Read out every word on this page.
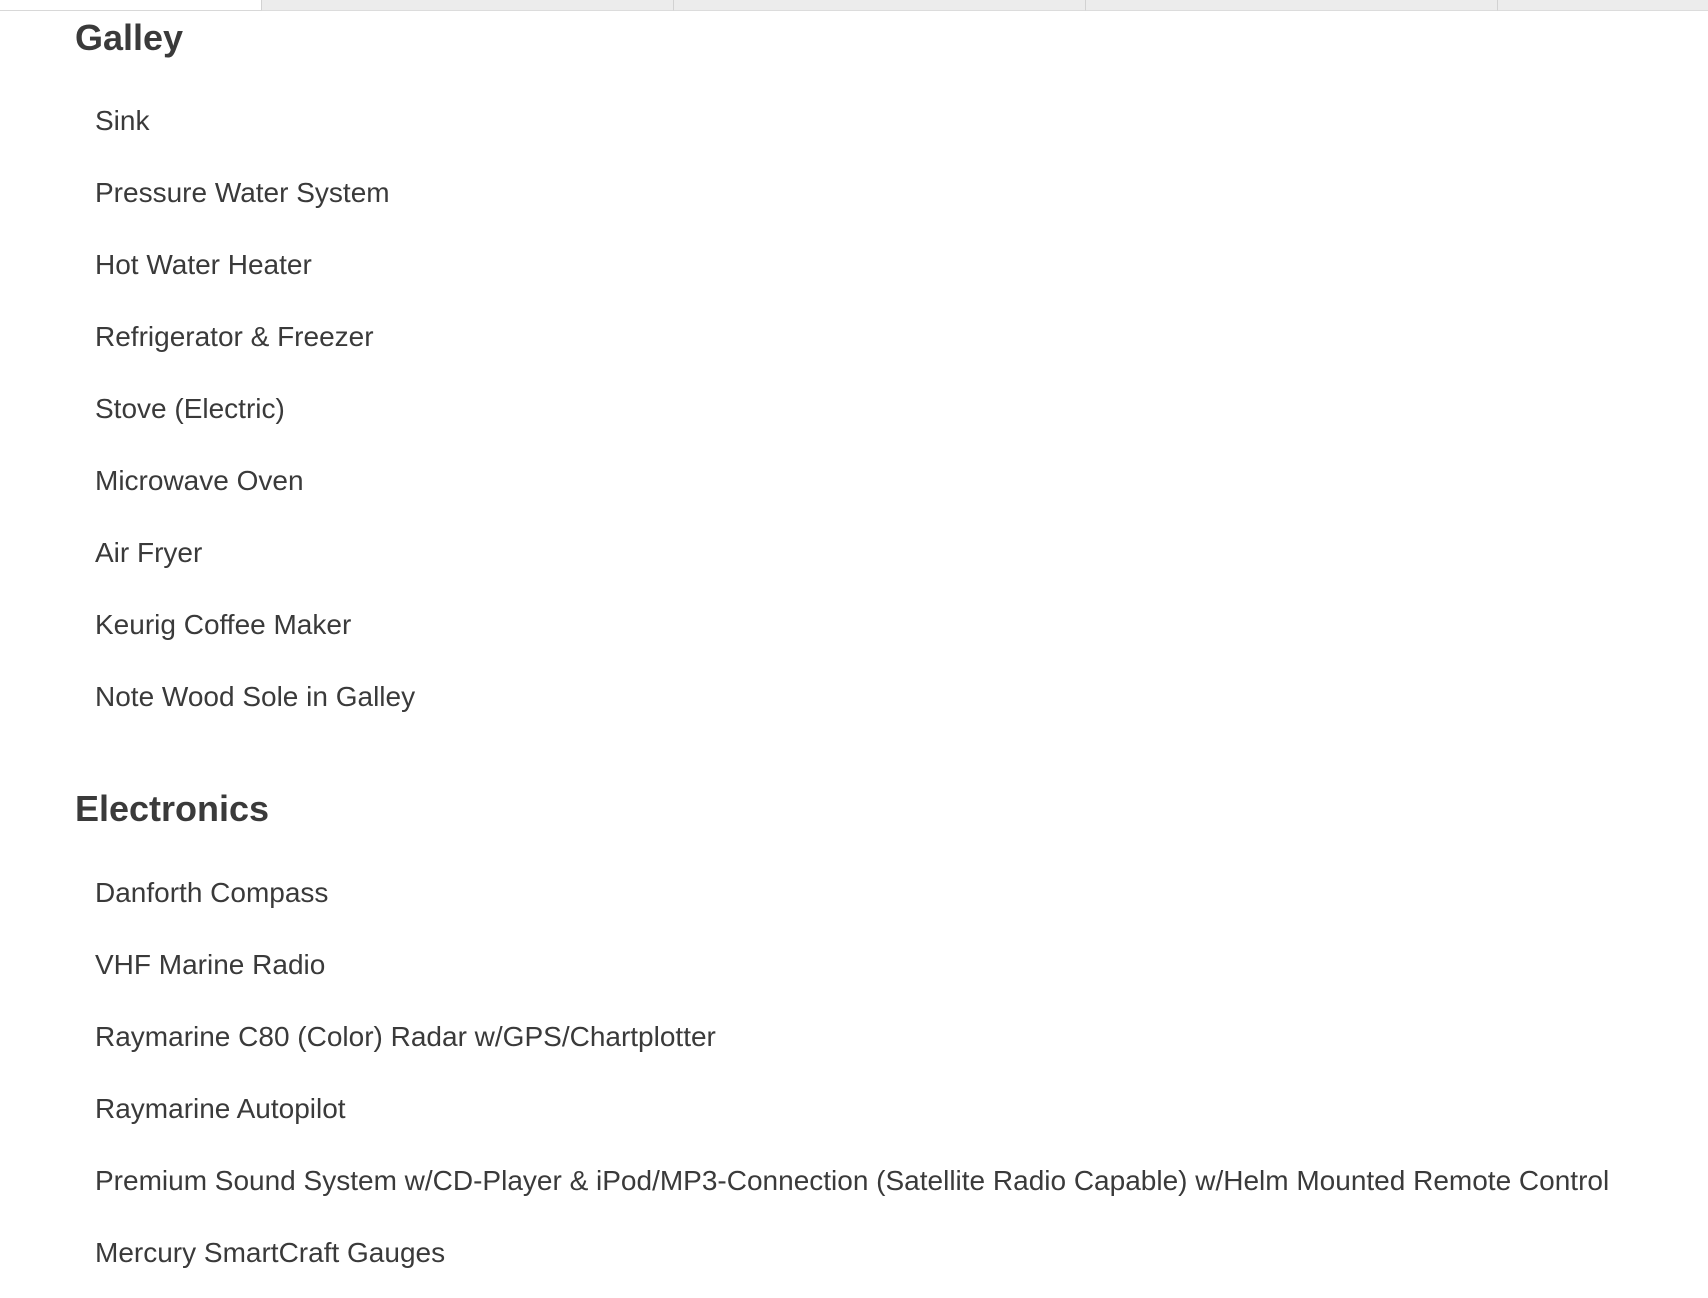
Galley
Sink
Pressure Water System
Hot Water Heater
Refrigerator & Freezer
Stove (Electric)
Microwave Oven
Air Fryer
Keurig Coffee Maker
Note Wood Sole in Galley
Electronics
Danforth Compass
VHF Marine Radio
Raymarine C80 (Color) Radar w/GPS/Chartplotter
Raymarine Autopilot
Premium Sound System w/CD-Player & iPod/MP3-Connection (Satellite Radio Capable) w/Helm Mounted Remote Control
Mercury SmartCraft Gauges
